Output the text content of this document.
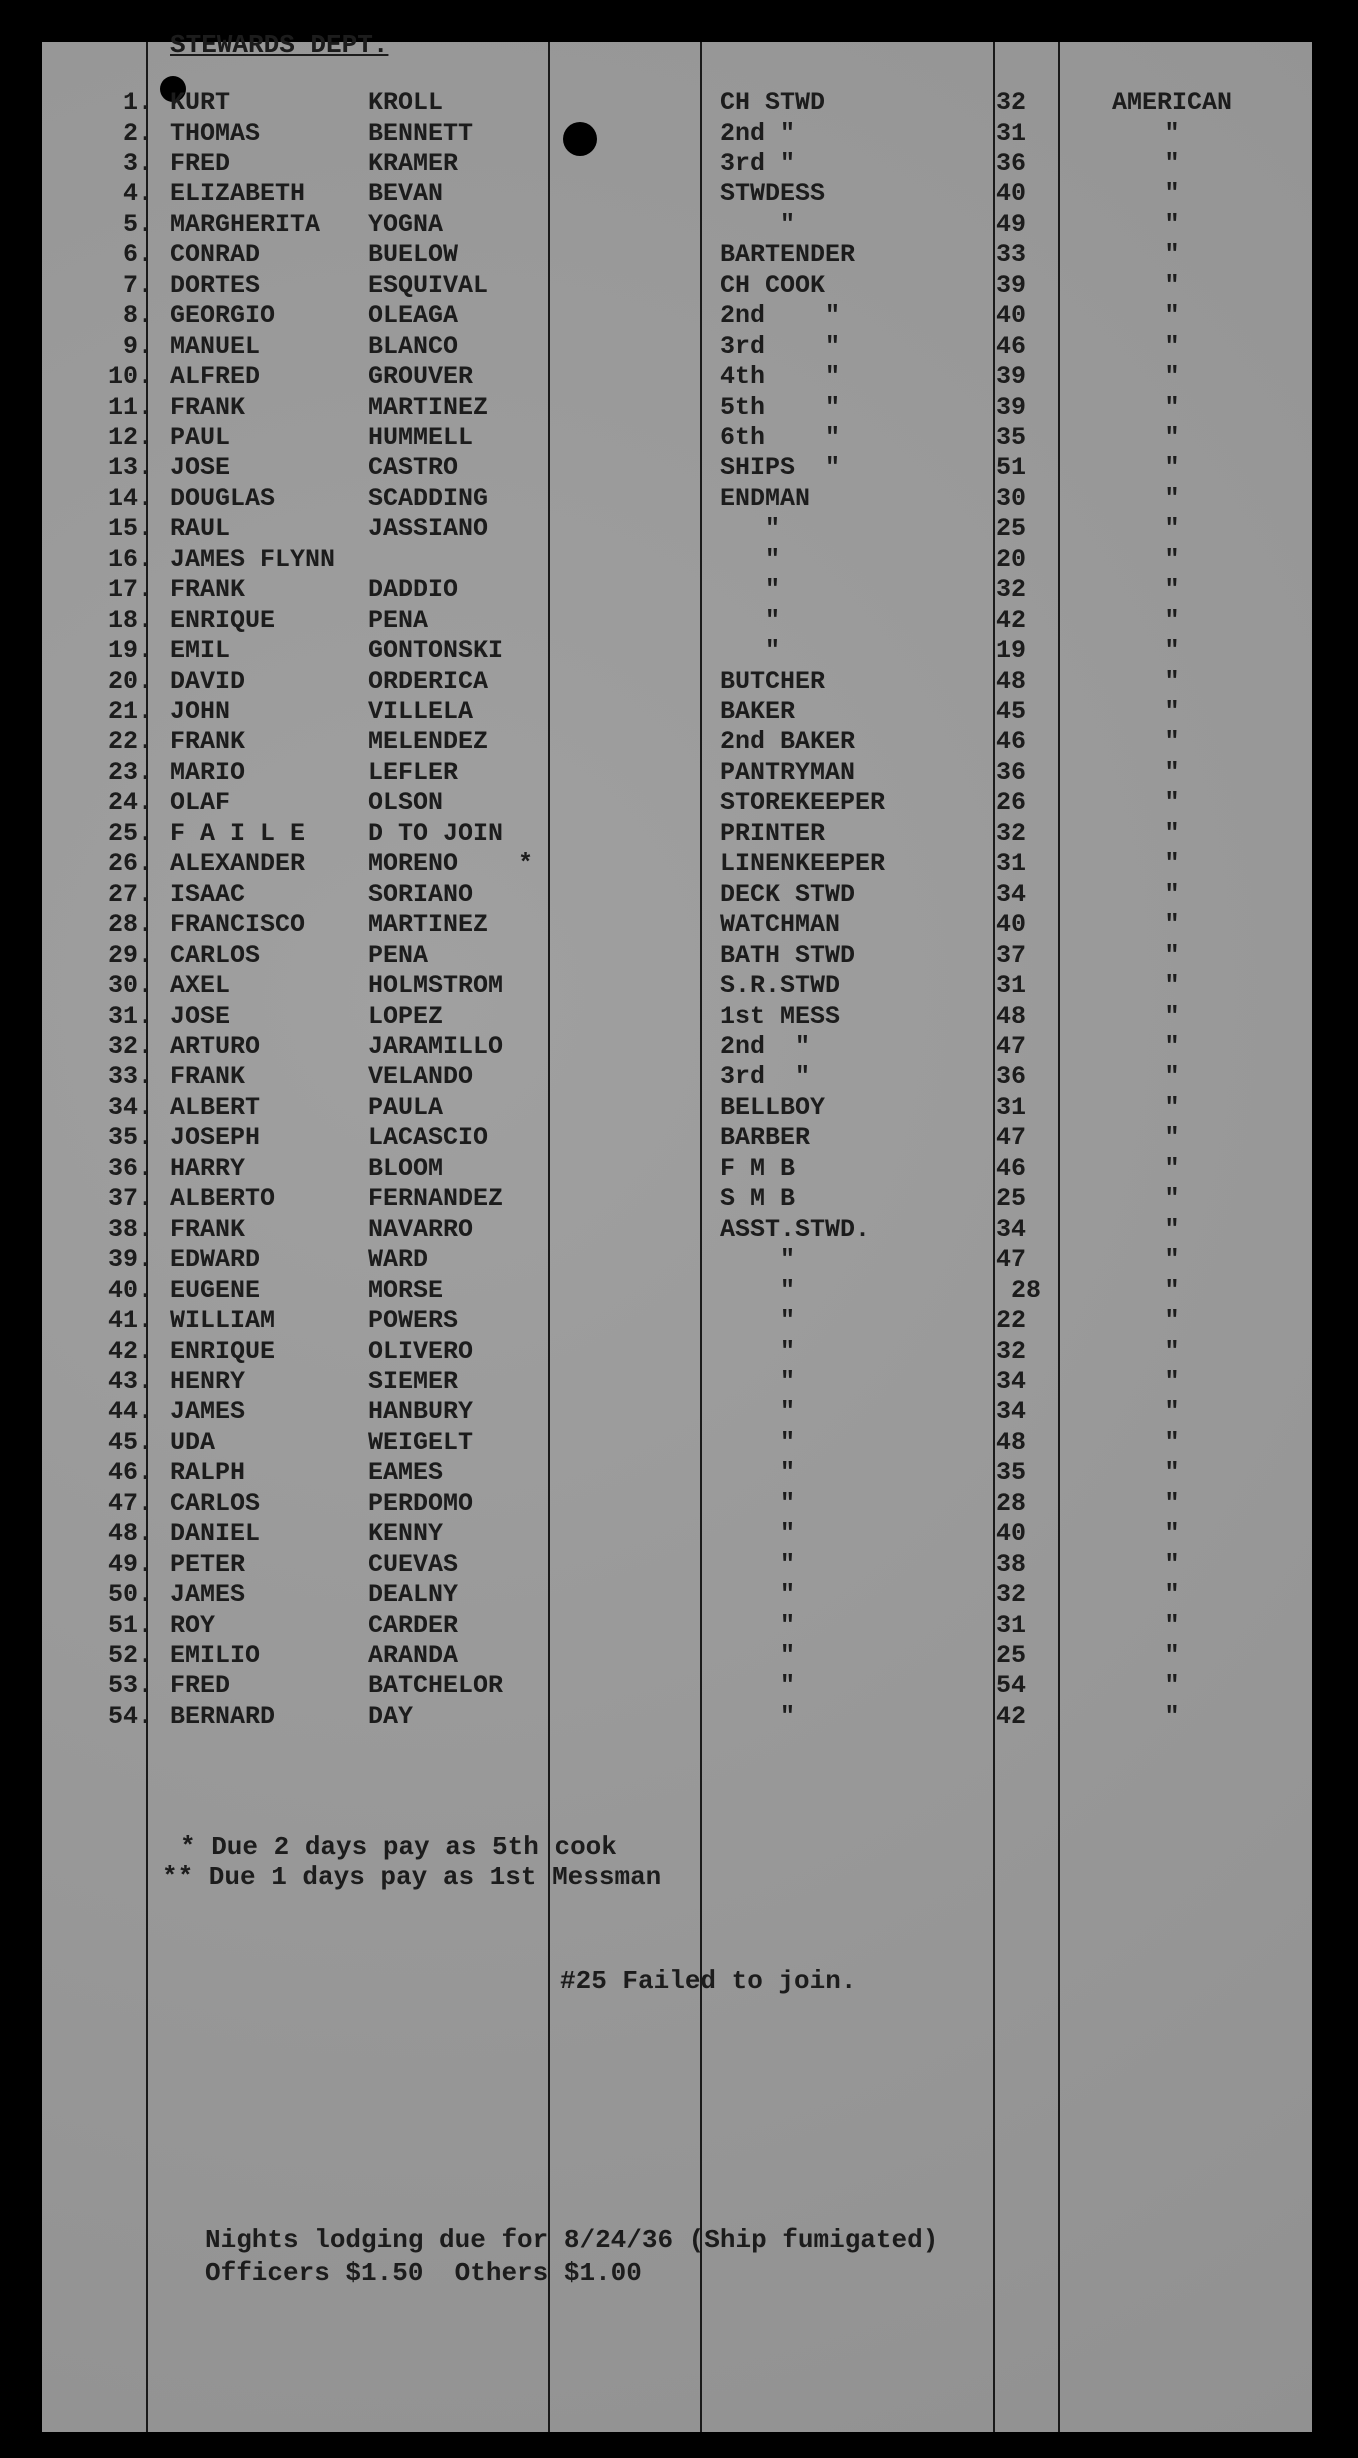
STEWARDS DEPT.
1. KURT	KROLL	CH STWD	32	AMERICAN
2. THOMAS	BENNETT	2nd "	31	"
3. FRED	KRAMER	3rd "	36	"
4. ELIZABETH	BEVAN	STWDESS	40	"
5. MARGHERITA YOGNA	"	49	"
6. CONRAD	BUELOW	BARTENDER	33	"
7. DORTES	ESQUIVAL	CH COOK	39	"
8. GEORGIO	OLEAGA	2nd    "	40	"
9. MANUEL	BLANCO	3rd    "	46	"
10. ALFRED	GROUVER	4th    "	39	"
11. FRANK	MARTINEZ	5th    "	39	"
12. PAUL	HUMMELL	6th    "	35	"
13. JOSE	CASTRO	SHIPS  "	51	"
14. DOUGLAS	SCADDING	ENDMAN	30	"
15. RAUL	JASSIANO	"	25	"
16. JAMES FLYNN	"	20	"
17. FRANK	DADDIO	"	32	"
18. ENRIQUE	PENA	"	42	"
19. EMIL	GONTONSKI	"	19	"
20. DAVID	ORDERICA	BUTCHER	48	"
21. JOHN	VILLELA	BAKER	45	"
22. FRANK	MELENDEZ	2nd BAKER	46	"
23. MARIO	LEFLER	PANTRYMAN	36	"
24. OLAF	OLSON	STOREKEEPER	26	"
25. F A I L E	D TO JOIN	PRINTER	32	"
26. ALEXANDER	MORENO    *	LINENKEEPER	31	"
27. ISAAC	SORIANO	DECK STWD	34	"
28. FRANCISCO	MARTINEZ	WATCHMAN	40	"
29. CARLOS	PENA	BATH STWD	37	"
30. AXEL	HOLMSTROM	S.R.STWD	31	"
31. JOSE	LOPEZ	1st MESS	48	"
32. ARTURO	JARAMILLO	2nd  "	47	"
33. FRANK	VELANDO	3rd  "	36	"
34. ALBERT	PAULA	BELLBOY	31	"
35. JOSEPH	LACASCIO	BARBER	47	"
36. HARRY	BLOOM	F M B	46	"
37. ALBERTO	FERNANDEZ	S M B	25	"
38. FRANK	NAVARRO	ASST.STWD.	34	"
39. EDWARD	WARD	"	47	"
40. EUGENE	MORSE	"	28	"
41. WILLIAM	POWERS	"	22	"
42. ENRIQUE	OLIVERO	"	32	"
43. HENRY	SIEMER	"	34	"
44. JAMES	HANBURY	"	34	"
45. UDA	WEIGELT	"	48	"
46. RALPH	EAMES	"	35	"
47. CARLOS	PERDOMO	"	28	"
48. DANIEL	KENNY	"	40	"
49. PETER	CUEVAS	"	38	"
50. JAMES	DEALNY	"	32	"
51. ROY	CARDER	"	31	"
52. EMILIO	ARANDA	"	25	"
53. FRED	BATCHELOR	"	54	"
54. BERNARD	DAY	"	42	"
* Due 2 days pay as 5th cook
** Due 1 days pay as 1st Messman
#25 Failed to join.
Nights lodging due for 8/24/36 (Ship fumigated)
Officers $1.50  Others $1.00
